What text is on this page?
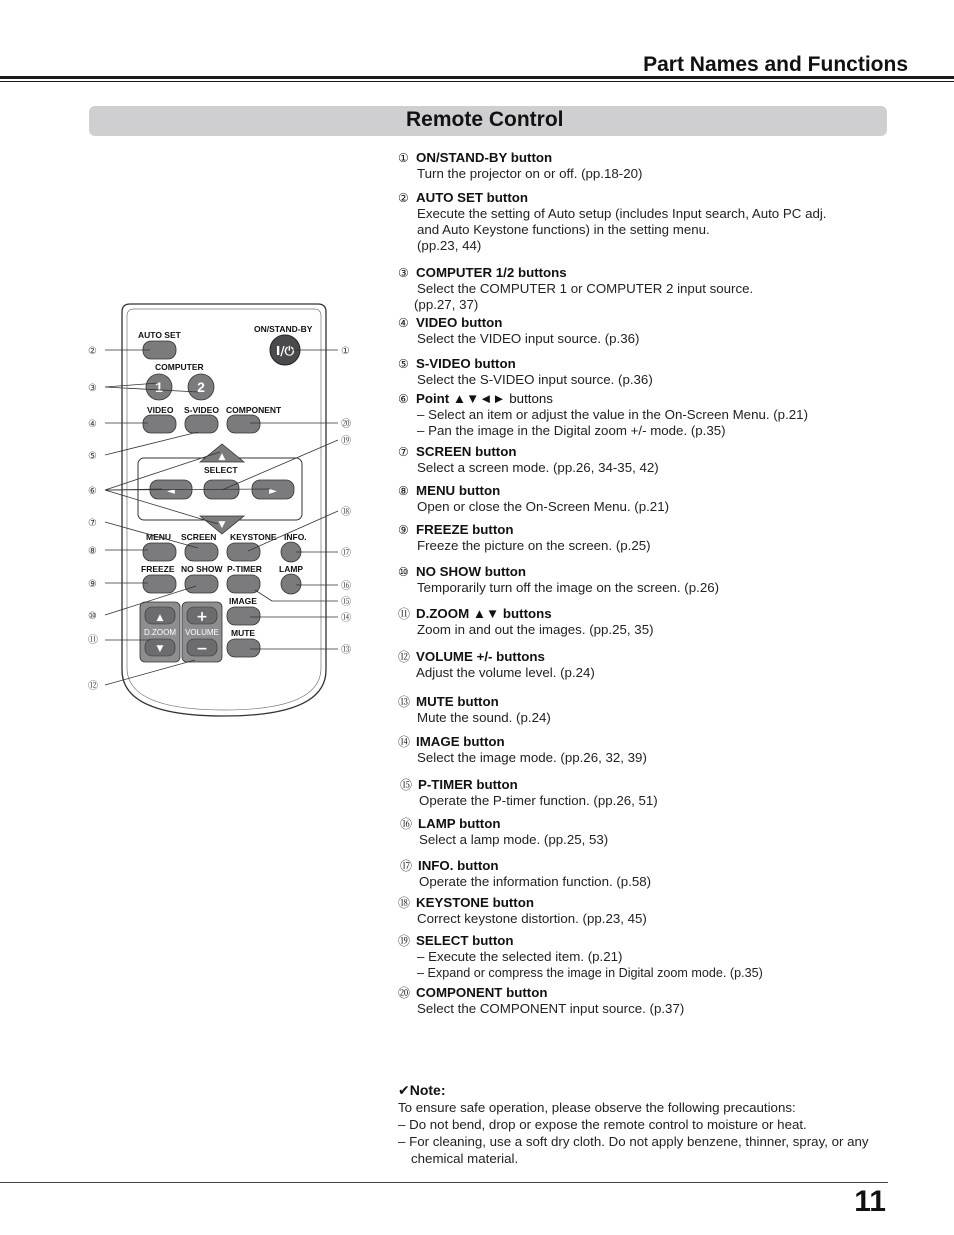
Part Names and Functions
Remote Control
AUTO SET
ON/STAND-BY
I/⏻
COMPUTER
1 2
VIDEO S-VIDEO COMPONENT
SELECT
▲
▼
◄	►
MENU SCREEN KEYSTONE INFO.
FREEZE NO SHOW P-TIMER LAMP
▲
D.ZOOM
▼
+
VOLUME
−
IMAGE
MUTE
②
③
④
⑤
⑥
⑦
⑧
⑨
⑩
⑪
⑫
①
⑳
⑲
⑱
⑰
⑯
⑮
⑭
⑬
① ON/STAND-BY button
Turn the projector on or off. (pp.18-20)
② AUTO SET button
Execute the setting of Auto setup (includes Input search, Auto PC adj.
and Auto Keystone functions) in the setting menu.
(pp.23, 44)
③ COMPUTER 1/2 buttons
Select the COMPUTER 1 or COMPUTER 2 input source.
(pp.27, 37)
④ VIDEO button
Select the VIDEO input source. (p.36)
⑤ S-VIDEO button
Select the S-VIDEO input source. (p.36)
⑥ Point ▲▼◄► buttons
– Select an item or adjust the value in the On-Screen Menu. (p.21)
– Pan the image in the Digital zoom +/- mode. (p.35)
⑦ SCREEN button
Select a screen mode. (pp.26, 34-35, 42)
⑧ MENU button
Open or close the On-Screen Menu. (p.21)
⑨ FREEZE button
Freeze the picture on the screen. (p.25)
⑩ NO SHOW button
Temporarily turn off the image on the screen. (p.26)
⑪ D.ZOOM ▲▼ buttons
Zoom in and out the images. (pp.25, 35)
⑫ VOLUME +/- buttons
Adjust the volume level. (p.24)
⑬ MUTE button
Mute the sound. (p.24)
⑭ IMAGE button
Select the image mode. (pp.26, 32, 39)
⑮ P-TIMER button
Operate the P-timer function. (pp.26, 51)
⑯ LAMP button
Select a lamp mode. (pp.25, 53)
⑰ INFO. button
Operate the information function. (p.58)
⑱ KEYSTONE button
Correct keystone distortion. (pp.23, 45)
⑲ SELECT button
– Execute the selected item. (p.21)
– Expand or compress the image in Digital zoom mode. (p.35)
⑳ COMPONENT button
Select the COMPONENT input source. (p.37)
✔Note:
To ensure safe operation, please observe the following precautions:
– Do not bend, drop or expose the remote control to moisture or heat.
– For cleaning, use a soft dry cloth. Do not apply benzene, thinner, spray, or any chemical material.
11
